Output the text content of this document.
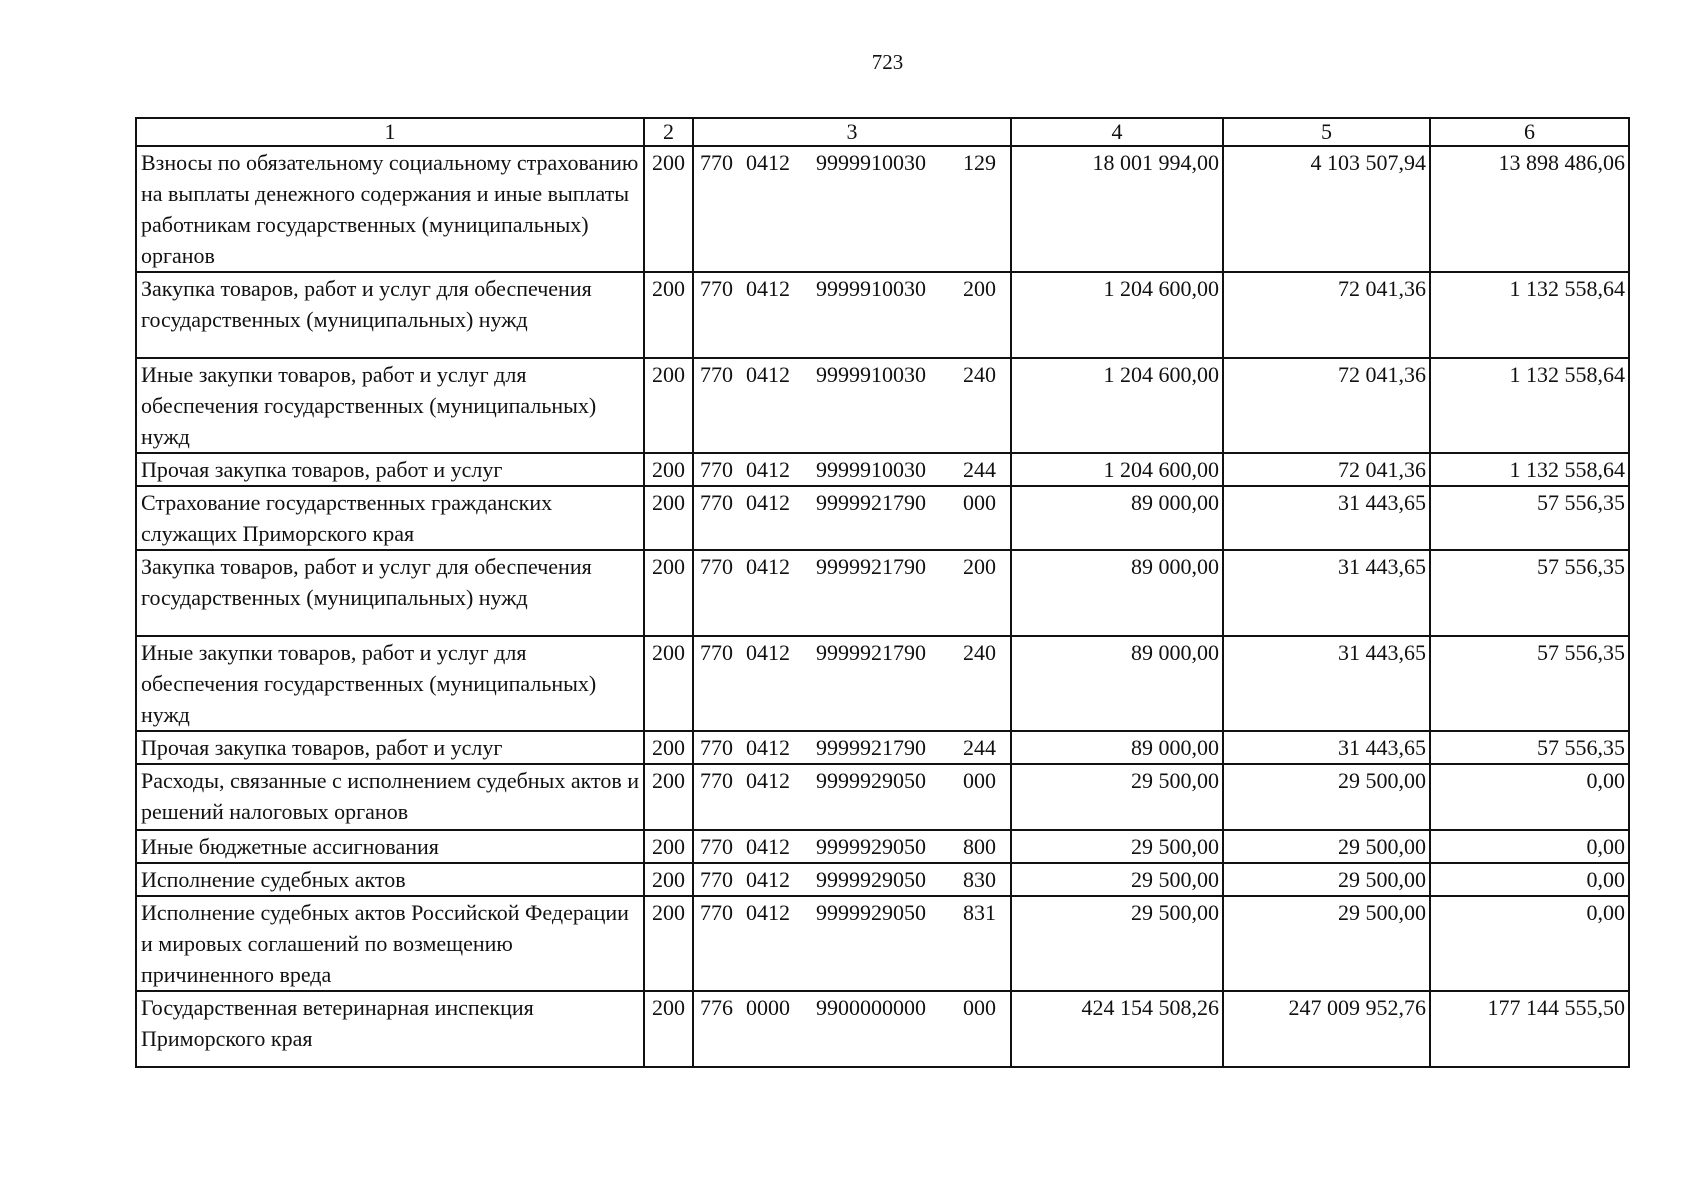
723
1	2	3	4	5	6
Взносы по обязательному социальному страхованию на выплаты денежного содержания и иные выплаты работникам государственных (муниципальных) органов	200	770 0412 9999910030 129	18 001 994,00	4 103 507,94	13 898 486,06
Закупка товаров, работ и услуг для обеспечения государственных (муниципальных) нужд	200	770 0412 9999910030 200	1 204 600,00	72 041,36	1 132 558,64
Иные закупки товаров, работ и услуг для обеспечения государственных (муниципальных) нужд	200	770 0412 9999910030 240	1 204 600,00	72 041,36	1 132 558,64
Прочая закупка товаров, работ и услуг	200	770 0412 9999910030 244	1 204 600,00	72 041,36	1 132 558,64
Страхование государственных гражданских служащих Приморского края	200	770 0412 9999921790 000	89 000,00	31 443,65	57 556,35
Закупка товаров, работ и услуг для обеспечения государственных (муниципальных) нужд	200	770 0412 9999921790 200	89 000,00	31 443,65	57 556,35
Иные закупки товаров, работ и услуг для обеспечения государственных (муниципальных) нужд	200	770 0412 9999921790 240	89 000,00	31 443,65	57 556,35
Прочая закупка товаров, работ и услуг	200	770 0412 9999921790 244	89 000,00	31 443,65	57 556,35
Расходы, связанные с исполнением судебных актов и решений налоговых органов	200	770 0412 9999929050 000	29 500,00	29 500,00	0,00
Иные бюджетные ассигнования	200	770 0412 9999929050 800	29 500,00	29 500,00	0,00
Исполнение судебных актов	200	770 0412 9999929050 830	29 500,00	29 500,00	0,00
Исполнение судебных актов Российской Федерации и мировых соглашений по возмещению причиненного вреда	200	770 0412 9999929050 831	29 500,00	29 500,00	0,00
Государственная ветеринарная инспекция Приморского края	200	776 0000 9900000000 000	424 154 508,26	247 009 952,76	177 144 555,50
